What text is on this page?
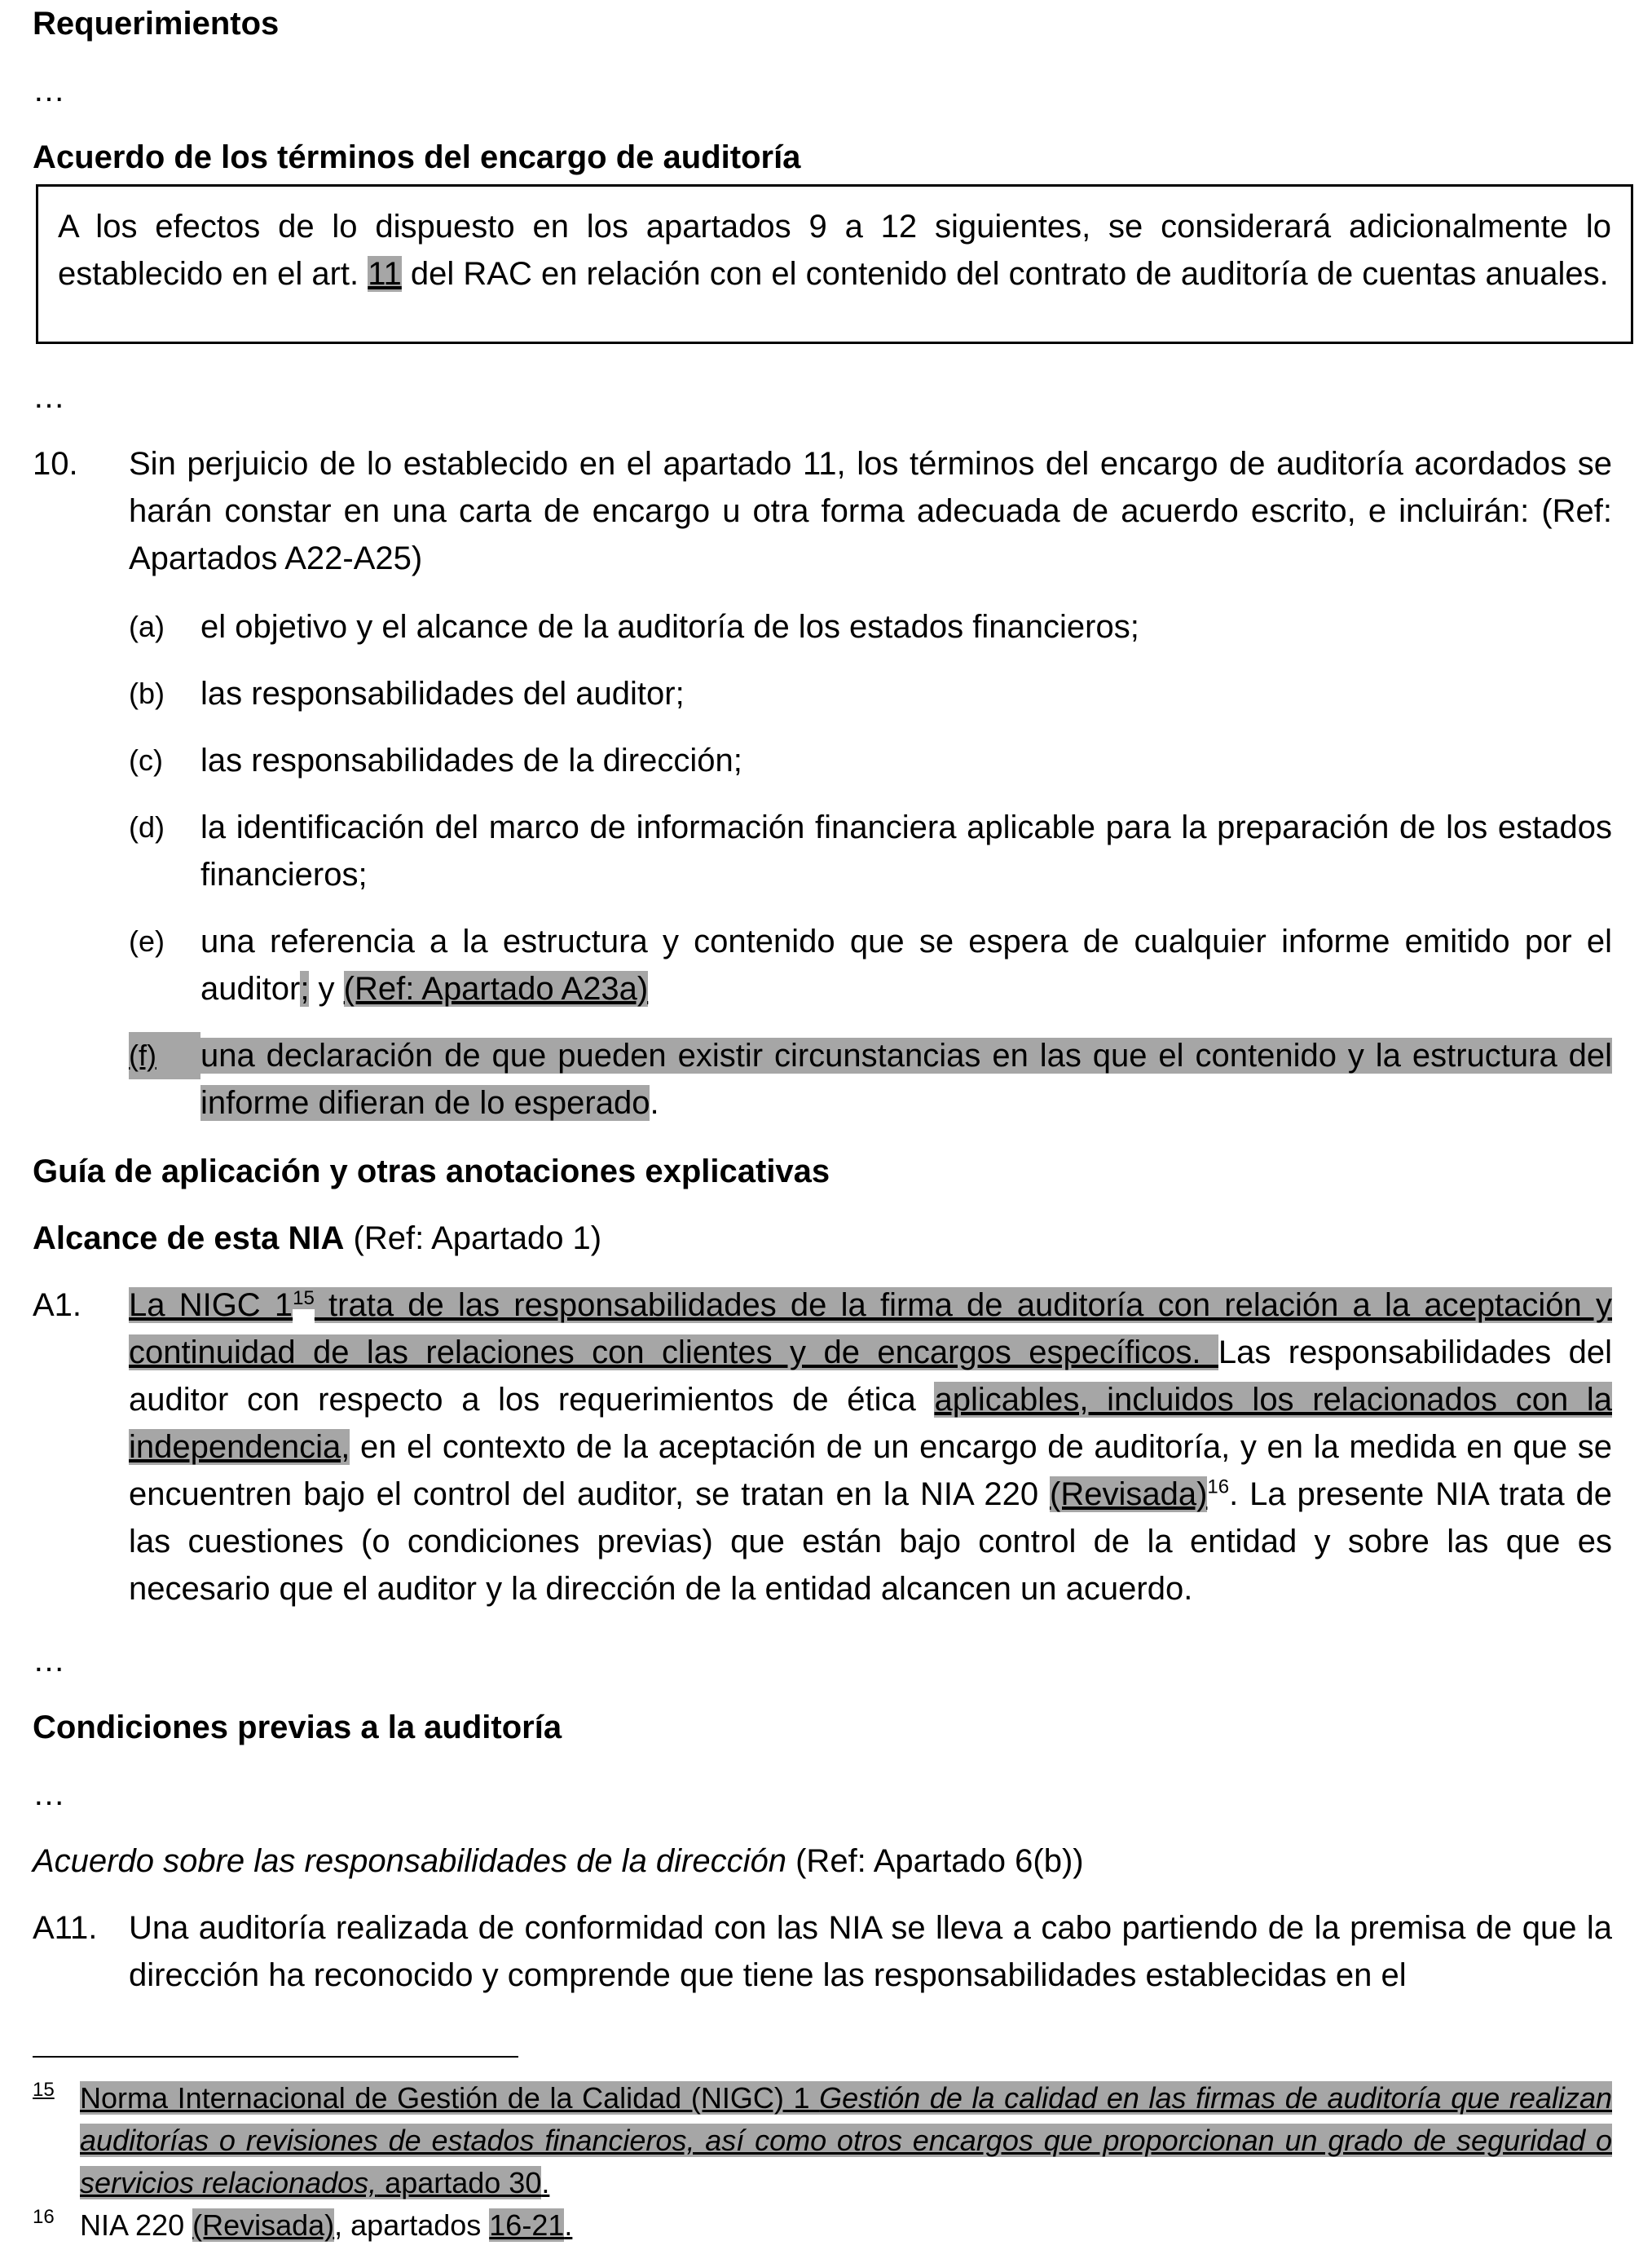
Requerimientos
…
Acuerdo de los términos del encargo de auditoría
A los efectos de lo dispuesto en los apartados 9 a 12 siguientes, se considerará adicionalmente lo establecido en el art. 11 del RAC en relación con el contenido del contrato de auditoría de cuentas anuales.
…
10. Sin perjuicio de lo establecido en el apartado 11, los términos del encargo de auditoría acordados se harán constar en una carta de encargo u otra forma adecuada de acuerdo escrito, e incluirán: (Ref: Apartados A22-A25)
(a) el objetivo y el alcance de la auditoría de los estados financieros;
(b) las responsabilidades del auditor;
(c) las responsabilidades de la dirección;
(d) la identificación del marco de información financiera aplicable para la preparación de los estados financieros;
(e) una referencia a la estructura y contenido que se espera de cualquier informe emitido por el auditor; y (Ref: Apartado A23a)
(f)	una declaración de que pueden existir circunstancias en las que el contenido y la estructura del informe difieran de lo esperado.
Guía de aplicación y otras anotaciones explicativas
Alcance de esta NIA (Ref: Apartado 1)
A1. La NIGC $1^{15}$ trata de las responsabilidades de la firma de auditoría con relación a la aceptación y continuidad de las relaciones con clientes y de encargos específicos. Las responsabilidades del auditor con respecto a los requerimientos de ética aplicables, incluidos los relacionados con la independencia, en el contexto de la aceptación de un encargo de auditoría, y en la medida en que se encuentren bajo el control del auditor, se tratan en la NIA 220 (Revisada)$^{16}$. La presente NIA trata de las cuestiones (o condiciones previas) que están bajo control de la entidad y sobre las que es necesario que el auditor y la dirección de la entidad alcancen un acuerdo.
…
Condiciones previas a la auditoría
…
Acuerdo sobre las responsabilidades de la dirección (Ref: Apartado 6(b))
A11. Una auditoría realizada de conformidad con las NIA se lleva a cabo partiendo de la premisa de que la dirección ha reconocido y comprende que tiene las responsabilidades establecidas en el
15 Norma Internacional de Gestión de la Calidad (NIGC) 1 Gestión de la calidad en las firmas de auditoría que realizan auditorías o revisiones de estados financieros, así como otros encargos que proporcionan un grado de seguridad o servicios relacionados, apartado 30.
16 NIA 220 (Revisada), apartados 16-21.
